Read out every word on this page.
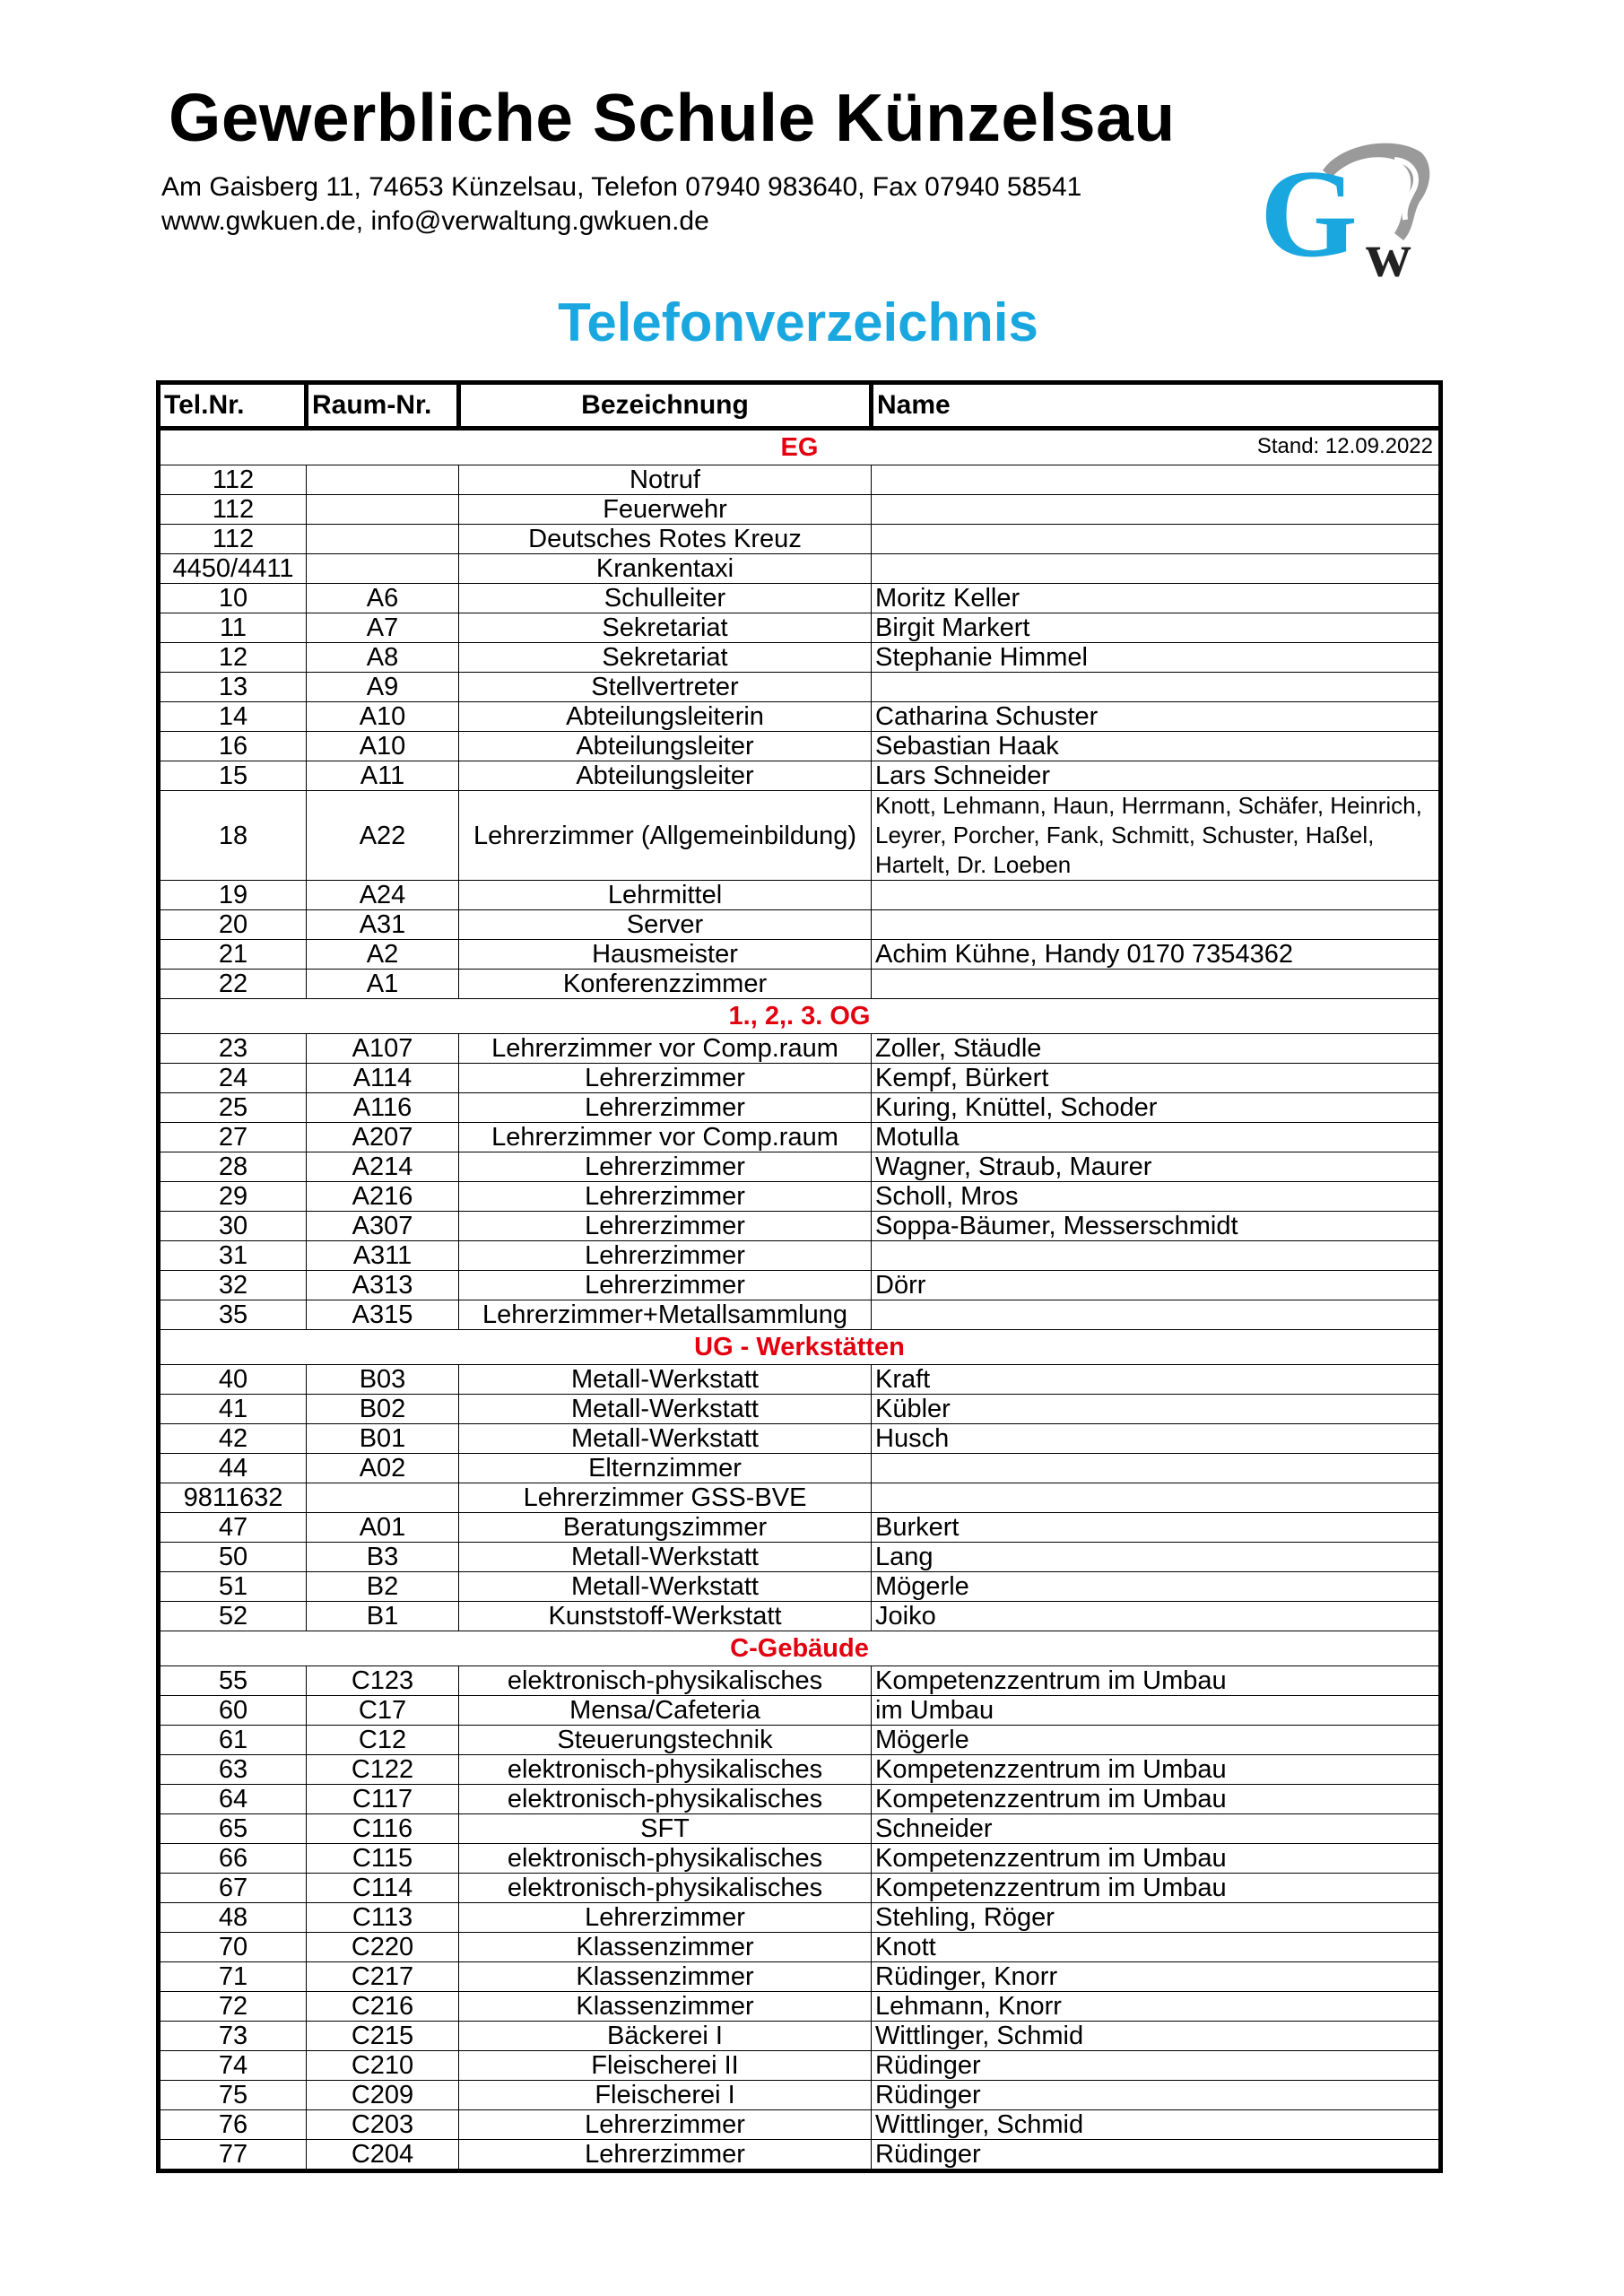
Gewerbliche Schule Künzelsau
Am Gaisberg 11, 74653 Künzelsau, Telefon 07940 983640, Fax 07940 58541
www.gwkuen.de, info@verwaltung.gwkuen.de	G w
Telefonverzeichnis
Tel.Nr.	Raum-Nr.	Bezeichnung	Name
EG Stand: 12.09.2022			

112		Notruf	
112		Feuerwehr	
112		Deutsches Rotes Kreuz	
4450/4411		Krankentaxi	
10	A6	Schulleiter	Moritz Keller
11	A7	Sekretariat	Birgit Markert
12	A8	Sekretariat	Stephanie Himmel
13	A9	Stellvertreter	
14	A10	Abteilungsleiterin	Catharina Schuster
16	A10	Abteilungsleiter	Sebastian Haak
15	A11	Abteilungsleiter	Lars Schneider
18	A22	Lehrerzimmer (Allgemeinbildung)	Knott, Lehmann, Haun, Herrmann, Schäfer, Heinrich, Leyrer, Porcher, Fank, Schmitt, Schuster, Haßel, Hartelt, Dr. Loeben
19	A24	Lehrmittel	
20	A31	Server	
21	A2	Hausmeister	Achim Kühne, Handy 0170 7354362
22	A1	Konferenzzimmer	
1., 2,. 3. OG			
23	A107	Lehrerzimmer vor Comp.raum	Zoller, Stäudle
24	A114	Lehrerzimmer	Kempf, Bürkert
25	A116	Lehrerzimmer	Kuring, Knüttel, Schoder
27	A207	Lehrerzimmer vor Comp.raum	Motulla
28	A214	Lehrerzimmer	Wagner, Straub, Maurer
29	A216	Lehrerzimmer	Scholl, Mros
30	A307	Lehrerzimmer	Soppa-Bäumer, Messerschmidt
31	A311	Lehrerzimmer	
32	A313	Lehrerzimmer	Dörr
35	A315	Lehrerzimmer+Metallsammlung	
UG - Werkstätten			
40	B03	Metall-Werkstatt	Kraft
41	B02	Metall-Werkstatt	Kübler
42	B01	Metall-Werkstatt	Husch
44	A02	Elternzimmer	
9811632		Lehrerzimmer GSS-BVE	
47	A01	Beratungszimmer	Burkert
50	B3	Metall-Werkstatt	Lang
51	B2	Metall-Werkstatt	Mögerle
52	B1	Kunststoff-Werkstatt	Joiko
C-Gebäude			
55	C123	elektronisch-physikalisches	Kompetenzzentrum im Umbau
60	C17	Mensa/Cafeteria	im Umbau
61	C12	Steuerungstechnik	Mögerle
63	C122	elektronisch-physikalisches	Kompetenzzentrum im Umbau
64	C117	elektronisch-physikalisches	Kompetenzzentrum im Umbau
65	C116	SFT	Schneider
66	C115	elektronisch-physikalisches	Kompetenzzentrum im Umbau
67	C114	elektronisch-physikalisches	Kompetenzzentrum im Umbau
48	C113	Lehrerzimmer	Stehling, Röger
70	C220	Klassenzimmer	Knott
71	C217	Klassenzimmer	Rüdinger, Knorr
72	C216	Klassenzimmer	Lehmann, Knorr
73	C215	Bäckerei I	Wittlinger, Schmid
74	C210	Fleischerei II	Rüdinger
75	C209	Fleischerei I	Rüdinger
76	C203	Lehrerzimmer	Wittlinger, Schmid
77	C204	Lehrerzimmer	Rüdinger
